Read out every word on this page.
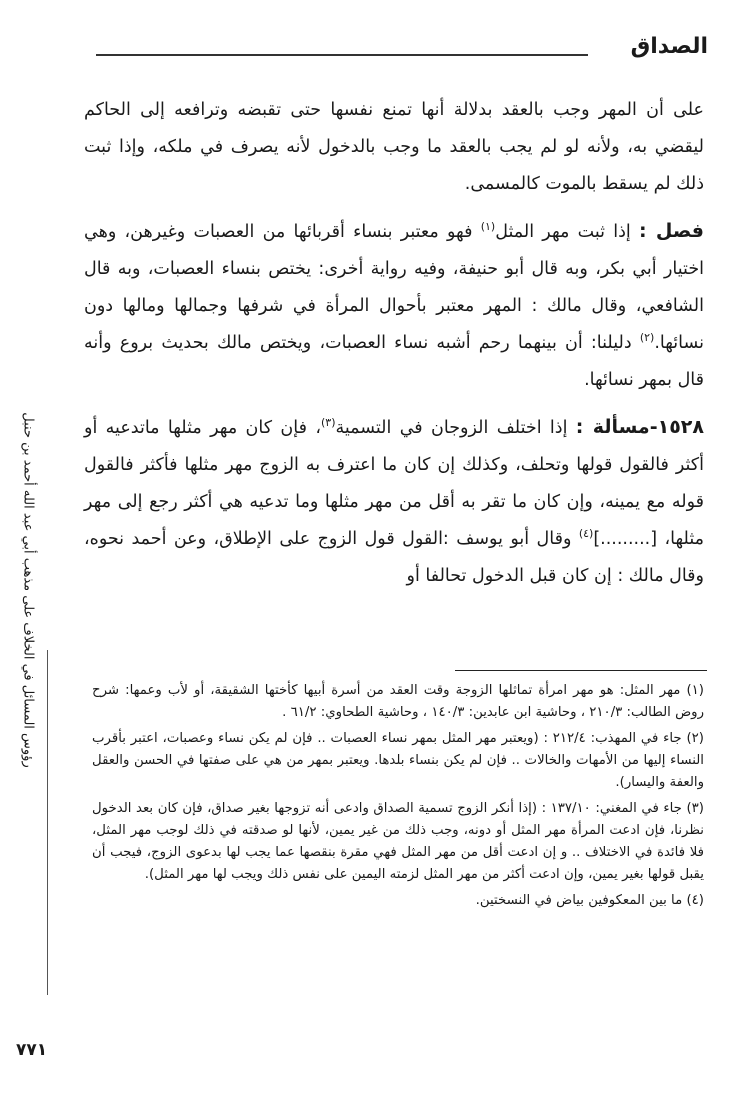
الصداق

على أن المهر وجب بالعقد بدلالة أنها تمنع نفسها حتى تقبضه وترافعه إلى الحاكم ليقضي به، ولأنه لو لم يجب بالعقد ما وجب بالدخول لأنه يصرف في ملكه، وإذا ثبت ذلك لم يسقط بالموت كالمسمى.

فصل : إذا ثبت مهر المثل$^{(١)}$ فهو معتبر بنساء أقربائها من العصبات وغيرهن، وهي اختيار أبي بكر، وبه قال أبو حنيفة، وفيه رواية أخرى: يختص بنساء العصبات، وبه قال الشافعي، وقال مالك : المهر معتبر بأحوال المرأة في شرفها وجمالها ومالها دون نسائها.$^{(٢)}$ دليلنا: أن بينهما رحم أشبه نساء العصبات، ويختص مالك بحديث بروع وأنه قال بمهر نسائها.

١٥٢٨-مسألة : إذا اختلف الزوجان في التسمية$^{(٣)}$، فإن كان مهر مثلها ماتدعيه أو أكثر فالقول قولها وتحلف، وكذلك إن كان ما اعترف به الزوج مهر مثلها فأكثر فالقول قوله مع يمينه، وإن كان ما تقر به أقل من مهر مثلها وما تدعيه هي أكثر رجع إلى مهر مثلها، [.........]$^{(٤)}$ وقال أبو يوسف :القول قول الزوج على الإطلاق، وعن أحمد نحوه، وقال مالك : إن كان قبل الدخول تحالفا أو

رؤوس المسائل في الخلاف على مذهب أبي عبد الله أحمد بن حنبل	(١) مهر المثل: هو مهر امرأة تماثلها الزوجة وقت العقد من أسرة أبيها كأختها الشقيقة، أو لأب وعمها: شرح روض الطالب: ٢١٠/٣ ، وحاشية ابن عابدين: ١٤٠/٣ ، وحاشية الطحاوي: ٦١/٢ .

(٢) جاء في المهذب: ٢١٢/٤ : (ويعتبر مهر المثل بمهر نساء العصبات .. فإن لم يكن نساء وعصبات، اعتبر بأقرب النساء إليها من الأمهات والخالات .. فإن لم يكن بنساء بلدها. ويعتبر بمهر من هي على صفتها في الحسن والعقل والعفة واليسار).

(٣) جاء في المغني: ١٣٧/١٠ : (إذا أنكر الزوج تسمية الصداق وادعى أنه تزوجها بغير صداق، فإن كان بعد الدخول نظرنا، فإن ادعت المرأة مهر المثل أو دونه، وجب ذلك من غير يمين، لأنها لو صدقته في ذلك لوجب مهر المثل، فلا فائدة في الاختلاف .. و إن ادعت أقل من مهر المثل فهي مقرة بنقصها عما يجب لها بدعوى الزوج، فيجب أن يقبل قولها بغير يمين، وإن ادعت أكثر من مهر المثل لزمته اليمين على نفس ذلك ويجب لها مهر المثل).

(٤) ما بين المعكوفين بياض في النسختين.

٧٧١
